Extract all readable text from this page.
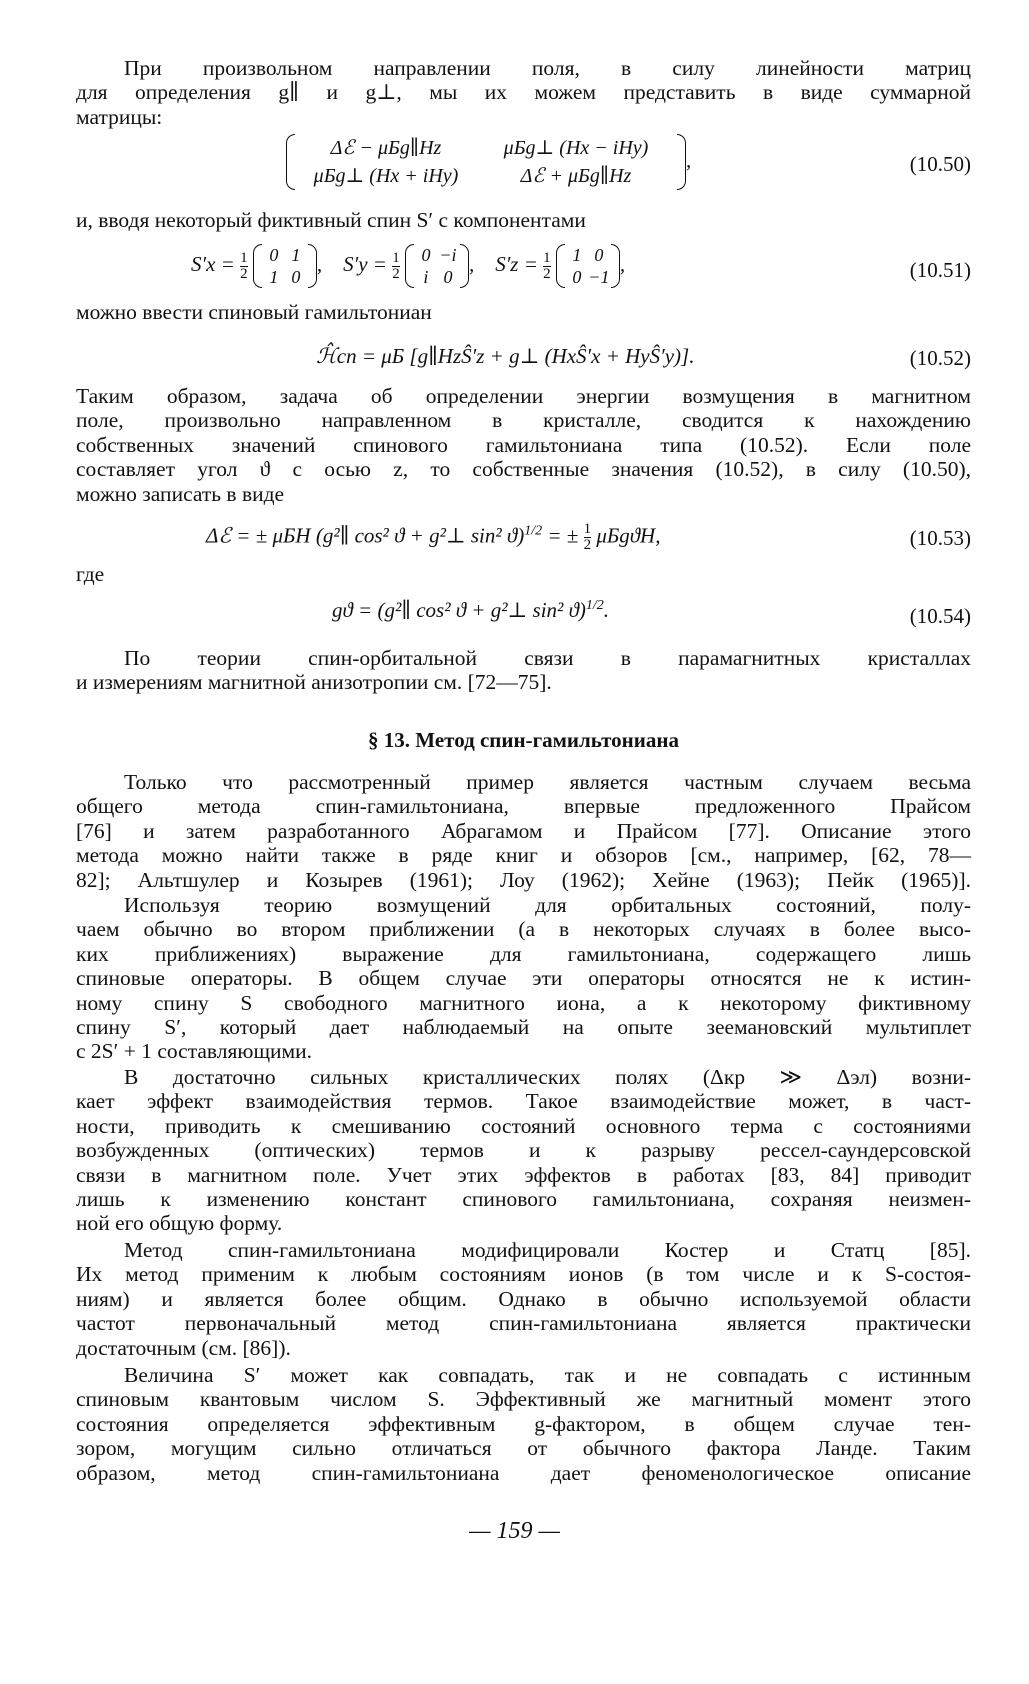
При произвольном направлении поля, в силу линейности матриц
для определения g∥ и g⊥, мы их можем представить в виде суммарной
матрицы:
Δℰ − μБg∥Hz	μБg⊥ (Hx − iHy)
μБg⊥ (Hx + iHy)	Δℰ + μБg∥Hz,	(10.50)
и, вводя некоторый фиктивный спин S′ с компонентами
$S'x = \frac{1}{2} 0$ 1
1 0, $S'y = \frac{1}{2} 0 -i$
i 0, $S'z = \frac{1}{2} 1$ 0
0 −1,	(10.51)
можно ввести спиновый гамильтониан
ℋ̂сп = μБ [g∥HzŜ′z + g⊥ (HxŜ′x + HyŜ′y)].	(10.52)
Таким образом, задача об определении энергии возмущения в магнитном
поле, произвольно направленном в кристалле, сводится к нахождению
собственных значений спинового гамильтониана типа (10.52). Если поле
составляет угол ϑ с осью z, то собственные значения (10.52), в силу (10.50),
можно записать в виде
Δℰ = ± μБH (g²∥ cos² ϑ + g²⊥ sin² ϑ)$^{1/2}$ = ± $\frac{1}{2} \mu БgϑH$,	(10.53)
где
gϑ = (g²∥ cos² ϑ + g²⊥ sin² ϑ)$^{1/2}$.	(10.54)
По теории спин-орбитальной связи в парамагнитных кристаллах
и измерениям магнитной анизотропии см. [72—75].
§ 13. Метод спин-гамильтониана
Только что рассмотренный пример является частным случаем весьма
общего метода спин-гамильтониана, впервые предложенного Прайсом
[76] и затем разработанного Абрагамом и Прайсом [77]. Описание этого
метода можно найти также в ряде книг и обзоров [см., например, [62, 78—
82]; Альтшулер и Козырев (1961); Лоу (1962); Хейне (1963); Пейк (1965)].
Используя теорию возмущений для орбитальных состояний, полу-
чаем обычно во втором приближении (а в некоторых случаях в более высо-
ких приближениях) выражение для гамильтониана, содержащего лишь
спиновые операторы. В общем случае эти операторы относятся не к истин-
ному спину S свободного магнитного иона, а к некоторому фиктивному
спину S′, который дает наблюдаемый на опыте зеемановский мультиплет
с 2S′ + 1 составляющими.
В достаточно сильных кристаллических полях (Δкр ≫ Δэл) возни-
кает эффект взаимодействия термов. Такое взаимодействие может, в част-
ности, приводить к смешиванию состояний основного терма с состояниями
возбужденных (оптических) термов и к разрыву рессел-саундерсовской
связи в магнитном поле. Учет этих эффектов в работах [83, 84] приводит
лишь к изменению констант спинового гамильтониана, сохраняя неизмен-
ной его общую форму.
Метод спин-гамильтониана модифицировали Костер и Статц [85].
Их метод применим к любым состояниям ионов (в том числе и к S-состоя-
ниям) и является более общим. Однако в обычно используемой области
частот первоначальный метод спин-гамильтониана является практически
достаточным (см. [86]).
Величина S′ может как совпадать, так и не совпадать с истинным
спиновым квантовым числом S. Эффективный же магнитный момент этого
состояния определяется эффективным g-фактором, в общем случае тен-
зором, могущим сильно отличаться от обычного фактора Ланде. Таким
образом, метод спин-гамильтониана дает феноменологическое описание
— 159 —
